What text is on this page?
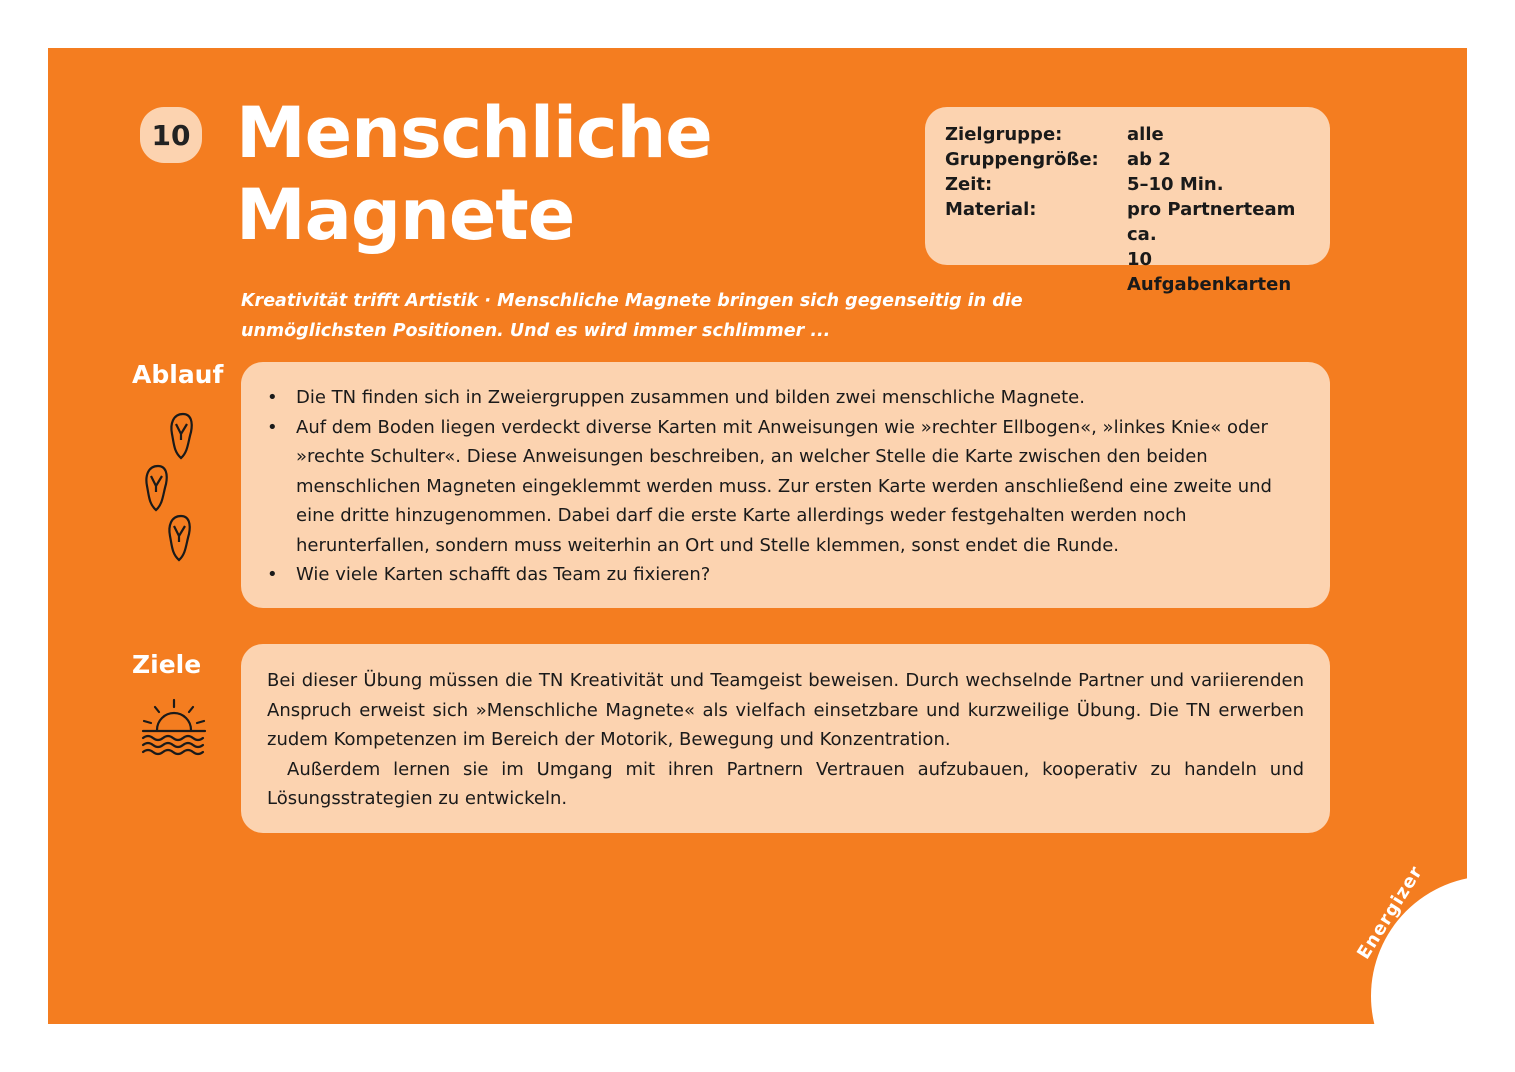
10 Menschliche
Magnete
Zielgruppe:	alle
Gruppengröße:	ab 2
Zeit:	5–10 Min.
Material:	pro Partnerteam ca.
10 Aufgabenkarten
Kreativität trifft Artistik · Menschliche Magnete bringen sich gegenseitig in die
unmöglichsten Positionen. Und es wird immer schlimmer ...
Ablauf
• Die TN finden sich in Zweiergruppen zusammen und bilden zwei menschliche Magnete.
• Auf dem Boden liegen verdeckt diverse Karten mit Anweisungen wie »rechter Ellbogen«, »linkes Knie« oder »rechte Schulter«. Diese Anweisungen beschreiben, an welcher Stelle die Karte zwischen den beiden menschlichen Magneten eingeklemmt werden muss. Zur ersten Karte werden anschließend eine zweite und eine dritte hinzugenommen. Dabei darf die erste Karte allerdings weder festgehalten werden noch herunterfallen, sondern muss weiterhin an Ort und Stelle klemmen, sonst endet die Runde.
• Wie viele Karten schafft das Team zu fixieren?
Ziele

Bei dieser Übung müssen die TN Kreativität und Teamgeist beweisen. Durch wechselnde Partner und variierenden Anspruch erweist sich »Menschliche Magnete« als vielfach einsetzbare und kurzweilige Übung. Die TN erwerben zudem Kompetenzen im Bereich der Motorik, Bewegung und Konzentration.

Außerdem lernen sie im Umgang mit ihren Partnern Vertrauen aufzubauen, kooperativ zu handeln und Lösungsstrategien zu entwickeln.

Energizer
